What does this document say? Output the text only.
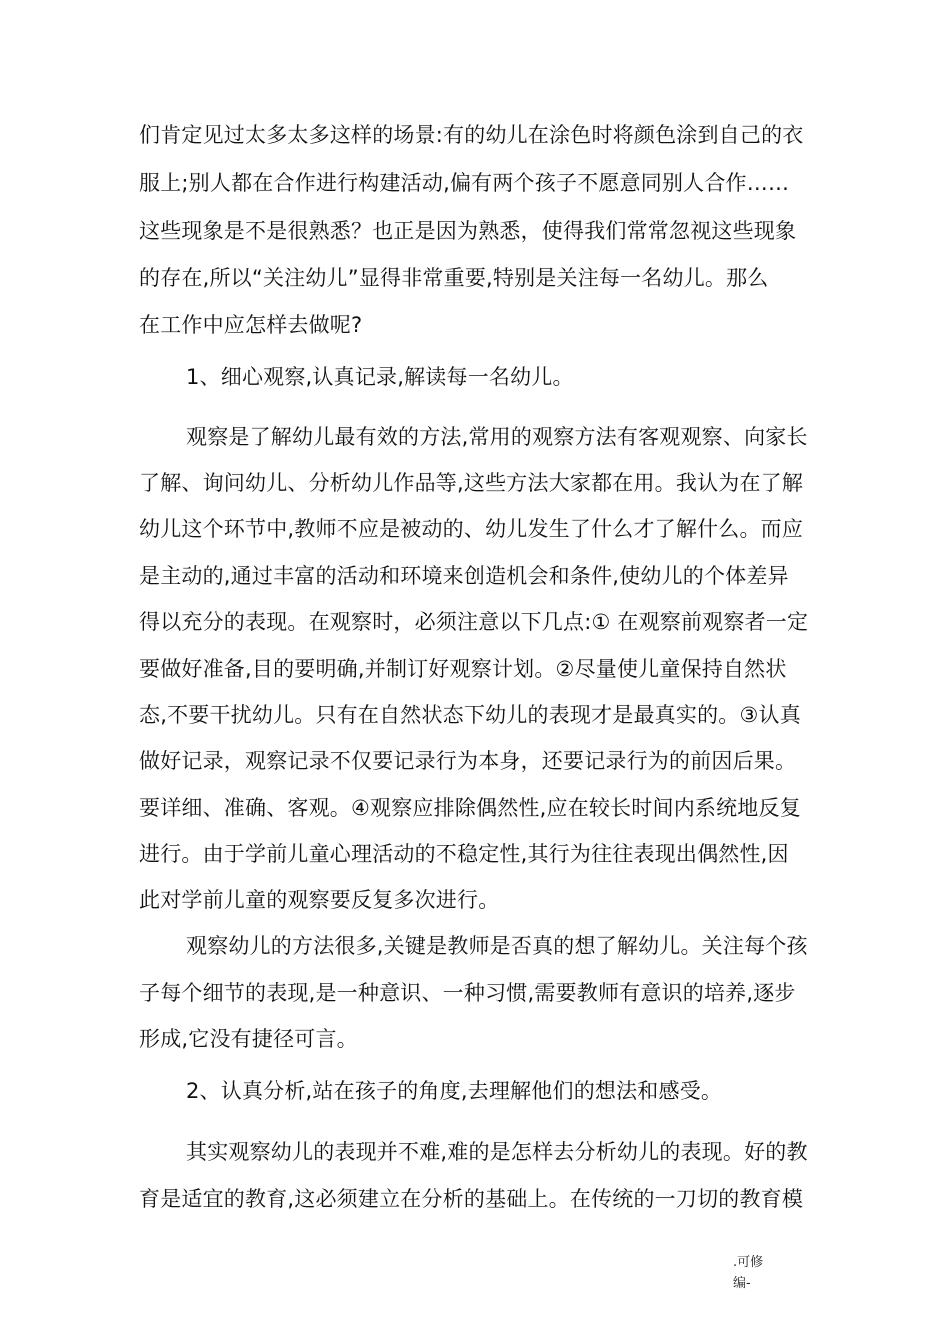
们肯定见过太多太多这样的场景:有的幼儿在涂色时将颜色涂到自己的衣
服上;别人都在合作进行构建活动,偏有两个孩子不愿意同别人合作……
这些现象是不是很熟悉？也正是因为熟悉，使得我们常常忽视这些现象
的存在,所以“关注幼儿”显得非常重要,特别是关注每一名幼儿。那么
在工作中应怎样去做呢?
1、细心观察,认真记录,解读每一名幼儿。
观察是了解幼儿最有效的方法,常用的观察方法有客观观察、向家长
了解、询问幼儿、分析幼儿作品等,这些方法大家都在用。我认为在了解
幼儿这个环节中,教师不应是被动的、幼儿发生了什么才了解什么。而应
是主动的,通过丰富的活动和环境来创造机会和条件,使幼儿的个体差异
得以充分的表现。在观察时，必须注意以下几点:① 在观察前观察者一定
要做好准备,目的要明确,并制订好观察计划。②尽量使儿童保持自然状
态,不要干扰幼儿。只有在自然状态下幼儿的表现才是最真实的。③认真
做好记录，观察记录不仅要记录行为本身，还要记录行为的前因后果。
要详细、准确、客观。④观察应排除偶然性,应在较长时间内系统地反复
进行。由于学前儿童心理活动的不稳定性,其行为往往表现出偶然性,因
此对学前儿童的观察要反复多次进行。
观察幼儿的方法很多,关键是教师是否真的想了解幼儿。关注每个孩
子每个细节的表现,是一种意识、一种习惯,需要教师有意识的培养,逐步
形成,它没有捷径可言。
2、认真分析,站在孩子的角度,去理解他们的想法和感受。
其实观察幼儿的表现并不难,难的是怎样去分析幼儿的表现。好的教
育是适宜的教育,这必须建立在分析的基础上。在传统的一刀切的教育模
.可修
编-
